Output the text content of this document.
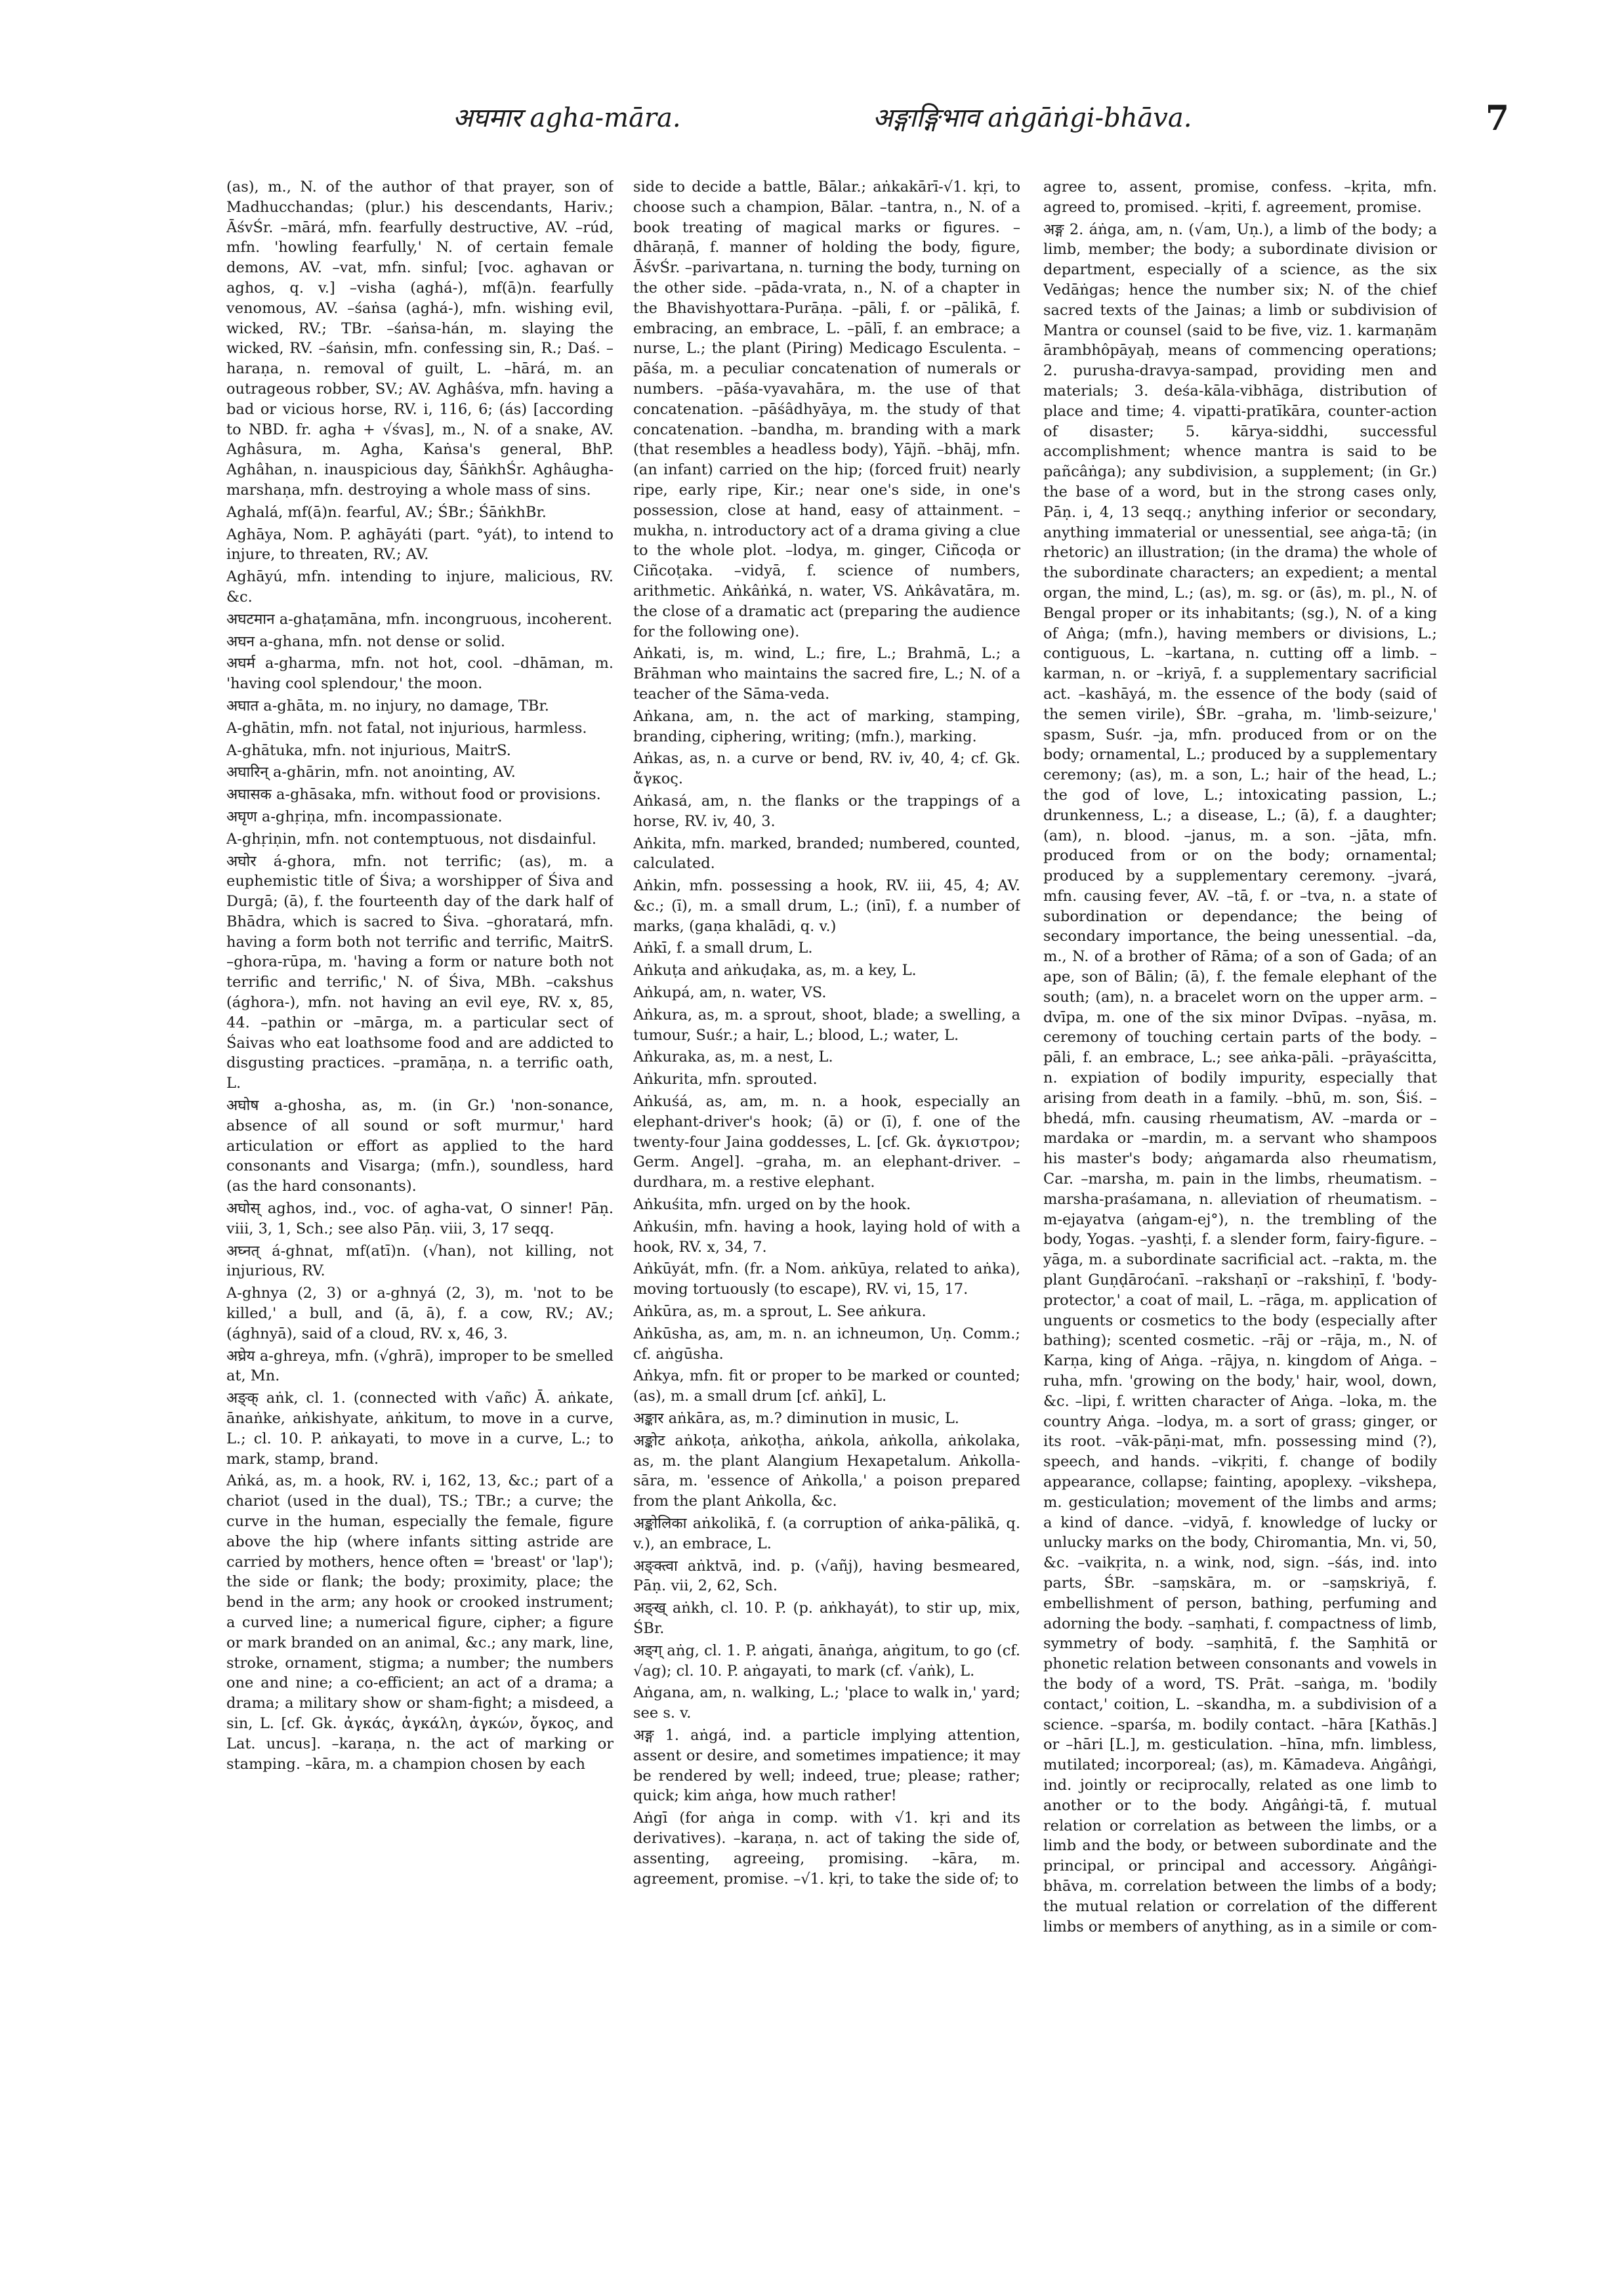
अघमार agha-māra.	अङ्गाङ्गिभाव aṅgāṅgi-bhāva.	7

(as), m., N. of the author of that prayer, son of Madhucchandas; (plur.) his descendants, Hariv.; ĀśvŚr. –mārá, mfn. fearfully destructive, AV. –rúd, mfn. 'howling fearfully,' N. of certain female demons, AV. –vat, mfn. sinful; [voc. aghavan or aghos, q. v.] –visha (aghá-), mf(ā)n. fearfully venomous, AV. –śaṅsa (aghá-), mfn. wishing evil, wicked, RV.; TBr. –śaṅsa-hán, m. slaying the wicked, RV. –śaṅsin, mfn. confessing sin, R.; Daś. –haraṇa, n. removal of guilt, L. –hārá, m. an outrageous robber, SV.; AV. Aghâśva, mfn. having a bad or vicious horse, RV. i, 116, 6; (ás) [according to NBD. fr. agha + √śvas], m., N. of a snake, AV. Aghâsura, m. Agha, Kaṅsa's general, BhP. Aghâhan, n. inauspicious day, ŚāṅkhŚr. Aghâugha-marshaṇa, mfn. destroying a whole mass of sins.

Aghalá, mf(ā)n. fearful, AV.; ŚBr.; ŚāṅkhBr.

Aghāya, Nom. P. aghāyáti (part. °yát), to intend to injure, to threaten, RV.; AV.

Aghāyú, mfn. intending to injure, malicious, RV. &c.

अघटमान a-ghaṭamāna, mfn. incongruous, incoherent.

अघन a-ghana, mfn. not dense or solid.

अघर्म a-gharma, mfn. not hot, cool. –dhāman, m. 'having cool splendour,' the moon.

अघात a-ghāta, m. no injury, no damage, TBr.

A-ghātin, mfn. not fatal, not injurious, harmless.

A-ghātuka, mfn. not injurious, MaitrS.

अघारिन् a-ghārin, mfn. not anointing, AV.

अघासक a-ghāsaka, mfn. without food or provisions.

अघृण a-ghṛiṇa, mfn. incompassionate.

A-ghṛiṇin, mfn. not contemptuous, not disdainful.

अघोर á-ghora, mfn. not terrific; (as), m. a euphemistic title of Śiva; a worshipper of Śiva and Durgā; (ā), f. the fourteenth day of the dark half of Bhādra, which is sacred to Śiva. –ghoratará, mfn. having a form both not terrific and terrific, MaitrS. –ghora-rūpa, m. 'having a form or nature both not terrific and terrific,' N. of Śiva, MBh. –cakshus (ághora-), mfn. not having an evil eye, RV. x, 85, 44. –pathin or –mārga, m. a particular sect of Śaivas who eat loathsome food and are addicted to disgusting practices. –pramāṇa, n. a terrific oath, L.

अघोष a-ghosha, as, m. (in Gr.) 'non-sonance, absence of all sound or soft murmur,' hard articulation or effort as applied to the hard consonants and Visarga; (mfn.), soundless, hard (as the hard consonants).

अघोस् aghos, ind., voc. of agha-vat, O sinner! Pāṇ. viii, 3, 1, Sch.; see also Pāṇ. viii, 3, 17 seqq.

अघ्नत् á-ghnat, mf(atī)n. (√han), not killing, not injurious, RV.

A-ghnya (2, 3) or a-ghnyá (2, 3), m. 'not to be killed,' a bull, and (ā, ā), f. a cow, RV.; AV.; (ághnyā), said of a cloud, RV. x, 46, 3.

अघ्रेय a-ghreya, mfn. (√ghrā), improper to be smelled at, Mn.

अङ्क् aṅk, cl. 1. (connected with √añc) Ā. aṅkate, ānaṅke, aṅkishyate, aṅkitum, to move in a curve, L.; cl. 10. P. aṅkayati, to move in a curve, L.; to mark, stamp, brand.

Aṅká, as, m. a hook, RV. i, 162, 13, &c.; part of a chariot (used in the dual), TS.; TBr.; a curve; the curve in the human, especially the female, figure above the hip (where infants sitting astride are carried by mothers, hence often = 'breast' or 'lap'); the side or flank; the body; proximity, place; the bend in the arm; any hook or crooked instrument; a curved line; a numerical figure, cipher; a figure or mark branded on an animal, &c.; any mark, line, stroke, ornament, stigma; a number; the numbers one and nine; a co-efficient; an act of a drama; a drama; a military show or sham-fight; a misdeed, a sin, L. [cf. Gk. ἀγκάς, ἀγκάλη, ἀγκών, ὄγκος, and Lat. uncus]. –karaṇa, n. the act of marking or stamping. –kāra, m. a champion chosen by each

side to decide a battle, Bālar.; aṅkakārī-√1. kṛi, to choose such a champion, Bālar. –tantra, n., N. of a book treating of magical marks or figures. –dhāraṇā, f. manner of holding the body, figure, ĀśvŚr. –parivartana, n. turning the body, turning on the other side. –pāda-vrata, n., N. of a chapter in the Bhavishyottara-Purāṇa. –pāli, f. or –pālikā, f. embracing, an embrace, L. –pālī, f. an embrace; a nurse, L.; the plant (Piring) Medicago Esculenta. –pāśa, m. a peculiar concatenation of numerals or numbers. –pāśa-vyavahāra, m. the use of that concatenation. –pāśâdhyāya, m. the study of that concatenation. –bandha, m. branding with a mark (that resembles a headless body), Yājñ. –bhāj, mfn. (an infant) carried on the hip; (forced fruit) nearly ripe, early ripe, Kir.; near one's side, in one's possession, close at hand, easy of attainment. –mukha, n. introductory act of a drama giving a clue to the whole plot. –lodya, m. ginger, Ciñcoḍa or Ciñcoṭaka. –vidyā, f. science of numbers, arithmetic. Aṅkâṅká, n. water, VS. Aṅkâvatāra, m. the close of a dramatic act (preparing the audience for the following one).

Aṅkati, is, m. wind, L.; fire, L.; Brahmā, L.; a Brāhman who maintains the sacred fire, L.; N. of a teacher of the Sāma-veda.

Aṅkana, am, n. the act of marking, stamping, branding, ciphering, writing; (mfn.), marking.

Aṅkas, as, n. a curve or bend, RV. iv, 40, 4; cf. Gk. ἄγκος.

Aṅkasá, am, n. the flanks or the trappings of a horse, RV. iv, 40, 3.

Aṅkita, mfn. marked, branded; numbered, counted, calculated.

Aṅkin, mfn. possessing a hook, RV. iii, 45, 4; AV. &c.; (ī), m. a small drum, L.; (inī), f. a number of marks, (gaṇa khalādi, q. v.)

Aṅkī, f. a small drum, L.

Aṅkuṭa and aṅkuḍaka, as, m. a key, L.

Aṅkupá, am, n. water, VS.

Aṅkura, as, m. a sprout, shoot, blade; a swelling, a tumour, Suśr.; a hair, L.; blood, L.; water, L.

Aṅkuraka, as, m. a nest, L.

Aṅkurita, mfn. sprouted.

Aṅkuśá, as, am, m. n. a hook, especially an elephant-driver's hook; (ā) or (ī), f. one of the twenty-four Jaina goddesses, L. [cf. Gk. ἀγκιστρον; Germ. Angel]. –graha, m. an elephant-driver. –durdhara, m. a restive elephant.

Aṅkuśita, mfn. urged on by the hook.

Aṅkuśin, mfn. having a hook, laying hold of with a hook, RV. x, 34, 7.

Aṅkūyát, mfn. (fr. a Nom. aṅkūya, related to aṅka), moving tortuously (to escape), RV. vi, 15, 17.

Aṅkūra, as, m. a sprout, L. See aṅkura.

Aṅkūsha, as, am, m. n. an ichneumon, Uṇ. Comm.; cf. aṅgūsha.

Aṅkya, mfn. fit or proper to be marked or counted; (as), m. a small drum [cf. aṅkī], L.

अङ्कार aṅkāra, as, m.? diminution in music, L.

अङ्कोट aṅkoṭa, aṅkoṭha, aṅkola, aṅkolla, aṅkolaka, as, m. the plant Alangium Hexapetalum. Aṅkolla-sāra, m. 'essence of Aṅkolla,' a poison prepared from the plant Aṅkolla, &c.

अङ्कोलिका aṅkolikā, f. (a corruption of aṅka-pālikā, q. v.), an embrace, L.

अङ्क्त्वा aṅktvā, ind. p. (√añj), having besmeared, Pāṇ. vii, 2, 62, Sch.

अङ्ख् aṅkh, cl. 10. P. (p. aṅkhayát), to stir up, mix, ŚBr.

अङ्ग् aṅg, cl. 1. P. aṅgati, ānaṅga, aṅgitum, to go (cf. √ag); cl. 10. P. aṅgayati, to mark (cf. √aṅk), L.

Aṅgana, am, n. walking, L.; 'place to walk in,' yard; see s. v.

अङ्ग 1. aṅgá, ind. a particle implying attention, assent or desire, and sometimes impatience; it may be rendered by well; indeed, true; please; rather; quick; kim aṅga, how much rather!

Aṅgī (for aṅga in comp. with √1. kṛi and its derivatives). –karaṇa, n. act of taking the side of, assenting, agreeing, promising. –kāra, m. agreement, promise. –√1. kṛi, to take the side of; to

agree to, assent, promise, confess. –kṛita, mfn. agreed to, promised. –kṛiti, f. agreement, promise.

अङ्ग 2. áṅga, am, n. (√am, Uṇ.), a limb of the body; a limb, member; the body; a subordinate division or department, especially of a science, as the six Vedāṅgas; hence the number six; N. of the chief sacred texts of the Jainas; a limb or subdivision of Mantra or counsel (said to be five, viz. 1. karmaṇām ārambhôpāyaḥ, means of commencing operations; 2. purusha-dravya-sampad, providing men and materials; 3. deśa-kāla-vibhāga, distribution of place and time; 4. vipatti-pratīkāra, counter-action of disaster; 5. kārya-siddhi, successful accomplishment; whence mantra is said to be pañcâṅga); any subdivision, a supplement; (in Gr.) the base of a word, but in the strong cases only, Pāṇ. i, 4, 13 seqq.; anything inferior or secondary, anything immaterial or unessential, see aṅga-tā; (in rhetoric) an illustration; (in the drama) the whole of the subordinate characters; an expedient; a mental organ, the mind, L.; (as), m. sg. or (ās), m. pl., N. of Bengal proper or its inhabitants; (sg.), N. of a king of Aṅga; (mfn.), having members or divisions, L.; contiguous, L. –kartana, n. cutting off a limb. –karman, n. or –kriyā, f. a supplementary sacrificial act. –kashāyá, m. the essence of the body (said of the semen virile), ŚBr. –graha, m. 'limb-seizure,' spasm, Suśr. –ja, mfn. produced from or on the body; ornamental, L.; produced by a supplementary ceremony; (as), m. a son, L.; hair of the head, L.; the god of love, L.; intoxicating passion, L.; drunkenness, L.; a disease, L.; (ā), f. a daughter; (am), n. blood. –janus, m. a son. –jāta, mfn. produced from or on the body; ornamental; produced by a supplementary ceremony. –jvará, mfn. causing fever, AV. –tā, f. or –tva, n. a state of subordination or dependance; the being of secondary importance, the being unessential. –da, m., N. of a brother of Rāma; of a son of Gada; of an ape, son of Bālin; (ā), f. the female elephant of the south; (am), n. a bracelet worn on the upper arm. –dvīpa, m. one of the six minor Dvīpas. –nyāsa, m. ceremony of touching certain parts of the body. –pāli, f. an embrace, L.; see aṅka-pāli. –prāyaścitta, n. expiation of bodily impurity, especially that arising from death in a family. –bhū, m. son, Śiś. –bhedá, mfn. causing rheumatism, AV. –marda or –mardaka or –mardin, m. a servant who shampoos his master's body; aṅgamarda also rheumatism, Car. –marsha, m. pain in the limbs, rheumatism. –marsha-praśamana, n. alleviation of rheumatism. –m-ejayatva (aṅgam-ej°), n. the trembling of the body, Yogas. –yashṭi, f. a slender form, fairy-figure. –yāga, m. a subordinate sacrificial act. –rakta, m. the plant Guṇḍāroćanī. –rakshaṇī or –rakshiṇī, f. 'body-protector,' a coat of mail, L. –rāga, m. application of unguents or cosmetics to the body (especially after bathing); scented cosmetic. –rāj or –rāja, m., N. of Karṇa, king of Aṅga. –rājya, n. kingdom of Aṅga. –ruha, mfn. 'growing on the body,' hair, wool, down, &c. –lipi, f. written character of Aṅga. –loka, m. the country Aṅga. –lodya, m. a sort of grass; ginger, or its root. –vāk-pāṇi-mat, mfn. possessing mind (?), speech, and hands. –vikṛiti, f. change of bodily appearance, collapse; fainting, apoplexy. –vikshepa, m. gesticulation; movement of the limbs and arms; a kind of dance. –vidyā, f. knowledge of lucky or unlucky marks on the body, Chiromantia, Mn. vi, 50, &c. –vaikṛita, n. a wink, nod, sign. –śás, ind. into parts, ŚBr. –saṃskāra, m. or –saṃskriyā, f. embellishment of person, bathing, perfuming and adorning the body. –saṃhati, f. compactness of limb, symmetry of body. –saṃhitā, f. the Saṃhitā or phonetic relation between consonants and vowels in the body of a word, TS. Prāt. –saṅga, m. 'bodily contact,' coition, L. –skandha, m. a subdivision of a science. –sparśa, m. bodily contact. –hāra [Kathās.] or –hāri [L.], m. gesticulation. –hīna, mfn. limbless, mutilated; incorporeal; (as), m. Kāmadeva. Aṅgâṅgi, ind. jointly or reciprocally, related as one limb to another or to the body. Aṅgâṅgi-tā, f. mutual relation or correlation as between the limbs, or a limb and the body, or between subordinate and the principal, or principal and accessory. Aṅgâṅgi-bhāva, m. correlation between the limbs of a body; the mutual relation or correlation of the different limbs or members of anything, as in a simile or com-
